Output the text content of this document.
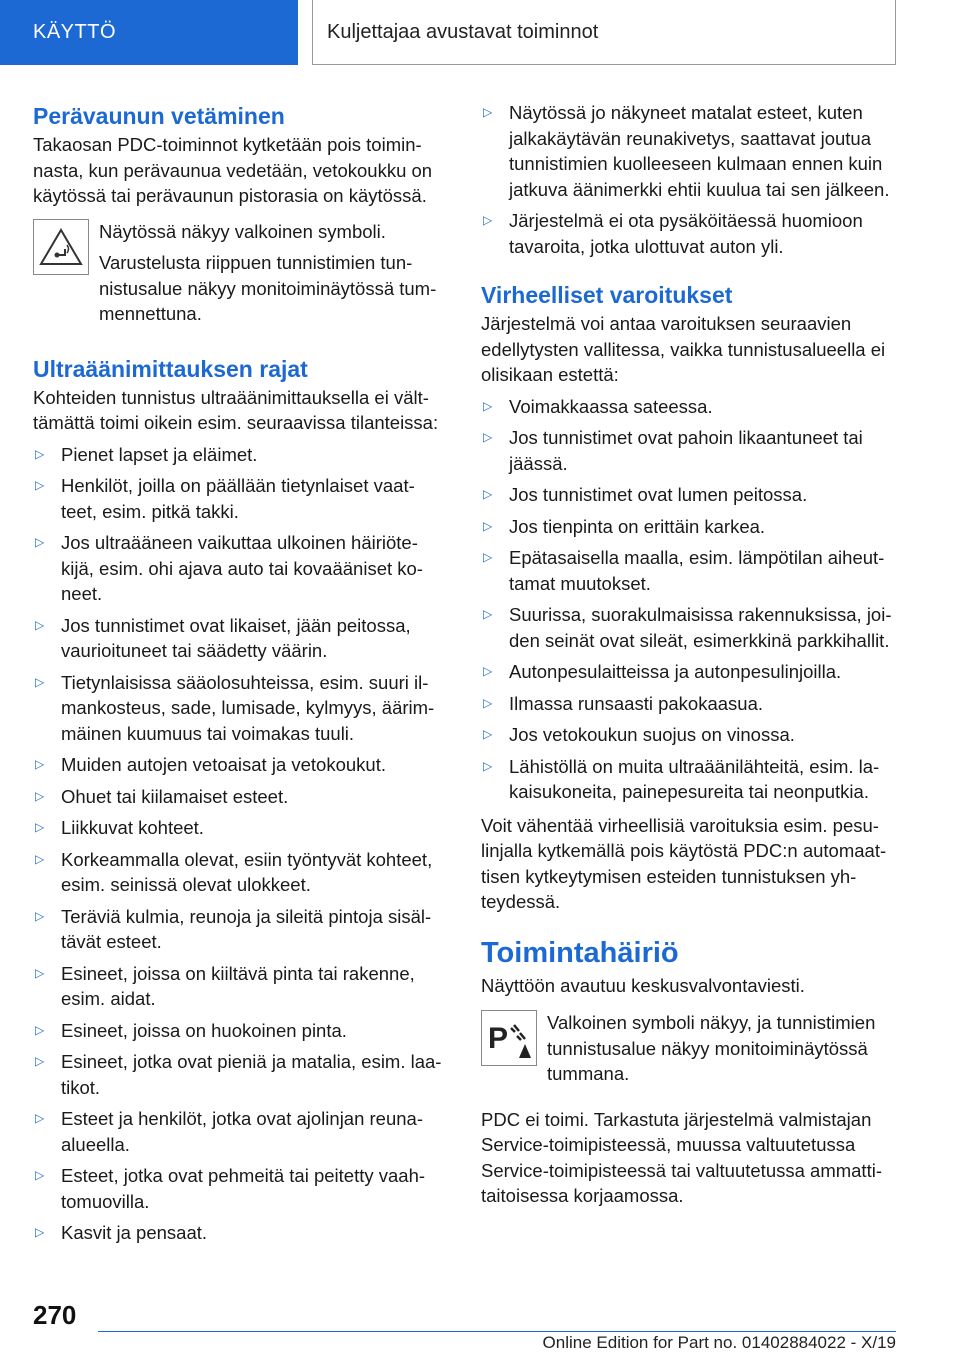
KÄYTTÖ	Kuljettajaa avustavat toiminnot
Perävaunun vetäminen

Takaosan PDC-toiminnot kytketään pois toimin-nasta, kun perävaunua vedetään, vetokoukku on käytössä tai perävaunun pistorasia on käytössä.

Näytössä näkyy valkoinen symboli.

Varustelusta riippuen tunnistimien tun-nistusalue näkyy monitoiminäytössä tum-mennettuna.

Ultraäänimittauksen rajat

Kohteiden tunnistus ultraäänimittauksella ei vält-tämättä toimi oikein esim. seuraavissa tilanteissa:

▷ Pienet lapset ja eläimet.
▷ Henkilöt, joilla on päällään tietynlaiset vaat-teet, esim. pitkä takki.
▷ Jos ultraääneen vaikuttaa ulkoinen häiriöte-kijä, esim. ohi ajava auto tai kovaääniset ko-neet.
▷ Jos tunnistimet ovat likaiset, jään peitossa, vaurioituneet tai säädetty väärin.
▷ Tietynlaisissa sääolosuhteissa, esim. suuri il-mankosteus, sade, lumisade, kylmyys, äärim-mäinen kuumuus tai voimakas tuuli.
▷ Muiden autojen vetoaisat ja vetokoukut.
▷ Ohuet tai kiilamaiset esteet.
▷ Liikkuvat kohteet.
▷ Korkeammalla olevat, esiin työntyvät kohteet, esim. seinissä olevat ulokkeet.
▷ Teräviä kulmia, reunoja ja sileitä pintoja sisäl-tävät esteet.
▷ Esineet, joissa on kiiltävä pinta tai rakenne, esim. aidat.
▷ Esineet, joissa on huokoinen pinta.
▷ Esineet, jotka ovat pieniä ja matalia, esim. laa-tikot.
▷ Esteet ja henkilöt, jotka ovat ajolinjan reuna-alueella.
▷ Esteet, jotka ovat pehmeitä tai peitetty vaah-tomuovilla.
▷ Kasvit ja pensaat.
▷ Näytössä jo näkyneet matalat esteet, kuten jalkakäytävän reunakivetys, saattavat joutua tunnistimien kuolleeseen kulmaan ennen kuin jatkuva äänimerkki ehtii kuulua tai sen jälkeen.
▷ Järjestelmä ei ota pysäköitäessä huomioon tavaroita, jotka ulottuvat auton yli.
Virheelliset varoitukset

Järjestelmä voi antaa varoituksen seuraavien edellytysten vallitessa, vaikka tunnistusalueella ei olisikaan estettä:

▷ Voimakkaassa sateessa.
▷ Jos tunnistimet ovat pahoin likaantuneet tai jäässä.
▷ Jos tunnistimet ovat lumen peitossa.
▷ Jos tienpinta on erittäin karkea.
▷ Epätasaisella maalla, esim. lämpötilan aiheut-tamat muutokset.
▷ Suurissa, suorakulmaisissa rakennuksissa, joi-den seinät ovat sileät, esimerkkinä parkkihallit.
▷ Autonpesulaitteissa ja autonpesulinjoilla.
▷ Ilmassa runsaasti pakokaasua.
▷ Jos vetokoukun suojus on vinossa.
▷ Lähistöllä on muita ultraäänilähteitä, esim. la-kaisukoneita, painepesureita tai neonputkia.

Voit vähentää virheellisiä varoituksia esim. pesu-linjalla kytkemällä pois käytöstä PDC:n automaat-tisen kytkeytymisen esteiden tunnistuksen yh-teydessä.

Toimintahäiriö

Näyttöön avautuu keskusvalvontaviesti.

P Valkoinen symboli näkyy, ja tunnistimien tunnistusalue näkyy monitoiminäytössä tummana.

PDC ei toimi. Tarkastuta järjestelmä valmistajan Service-toimipisteessä, muussa valtuutetussa Service-toimipisteessä tai valtuutetussa ammatti-taitoisessa korjaamossa.

270
Online Edition for Part no. 01402884022 - X/19
